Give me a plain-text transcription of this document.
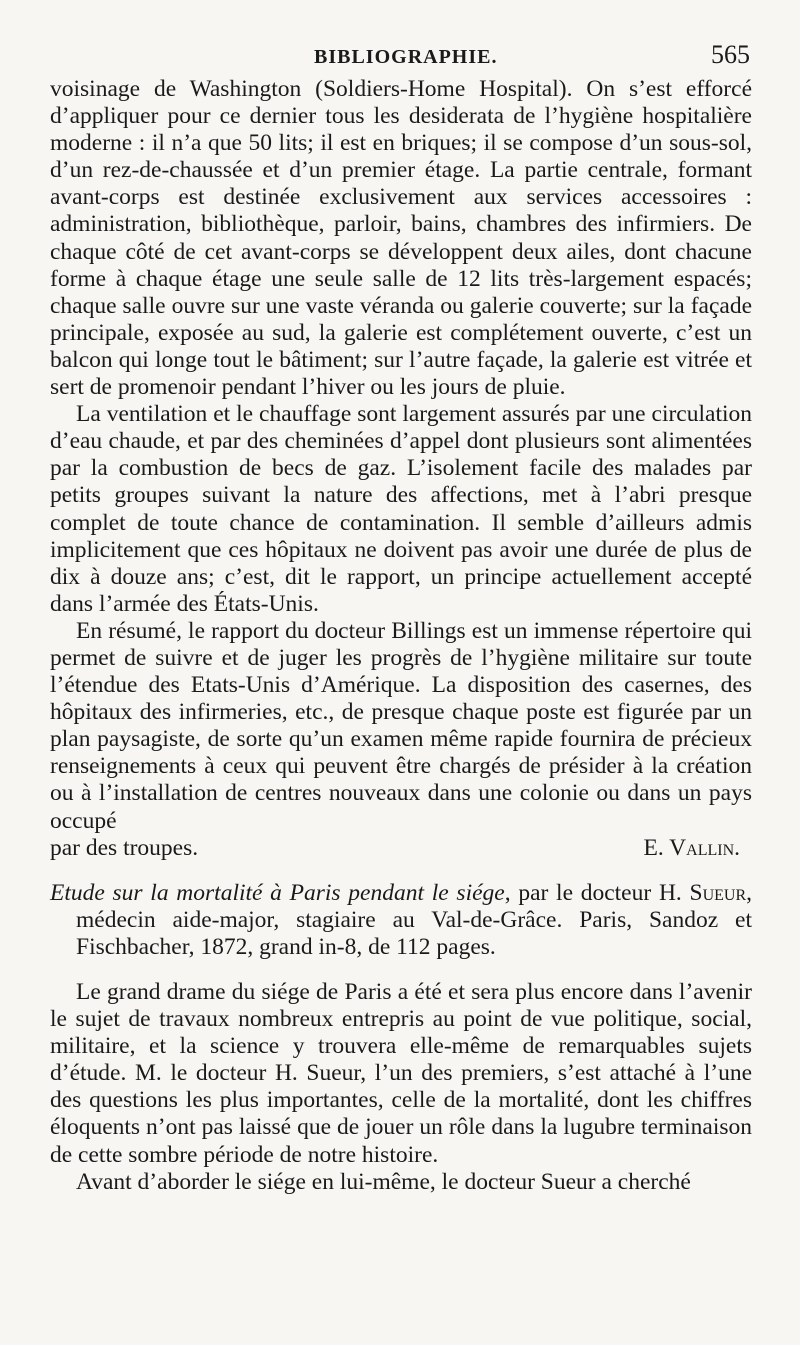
BIBLIOGRAPHIE.	565

voisinage de Washington (Soldiers-Home Hospital). On s’est efforcé d’appliquer pour ce dernier tous les desiderata de l’hygiène hospitalière moderne : il n’a que 50 lits; il est en briques; il se compose d’un sous-sol, d’un rez-de-chaussée et d’un premier étage. La partie centrale, formant avant-corps est destinée exclusivement aux services accessoires : administration, bibliothèque, parloir, bains, chambres des infirmiers. De chaque côté de cet avant-corps se développent deux ailes, dont chacune forme à chaque étage une seule salle de 12 lits très-largement espacés; chaque salle ouvre sur une vaste véranda ou galerie couverte; sur la façade principale, exposée au sud, la galerie est complétement ouverte, c’est un balcon qui longe tout le bâtiment; sur l’autre façade, la galerie est vitrée et sert de promenoir pendant l’hiver ou les jours de pluie.

La ventilation et le chauffage sont largement assurés par une circulation d’eau chaude, et par des cheminées d’appel dont plusieurs sont alimentées par la combustion de becs de gaz. L’isolement facile des malades par petits groupes suivant la nature des affections, met à l’abri presque complet de toute chance de contamination. Il semble d’ailleurs admis implicitement que ces hôpitaux ne doivent pas avoir une durée de plus de dix à douze ans; c’est, dit le rapport, un principe actuellement accepté dans l’armée des États-Unis.

En résumé, le rapport du docteur Billings est un immense répertoire qui permet de suivre et de juger les progrès de l’hygiène militaire sur toute l’étendue des Etats-Unis d’Amérique. La disposition des casernes, des hôpitaux des infirmeries, etc., de presque chaque poste est figurée par un plan paysagiste, de sorte qu’un examen même rapide fournira de précieux renseignements à ceux qui peuvent être chargés de présider à la création ou à l’installation de centres nouveaux dans une colonie ou dans un pays occupé

par des troupes.	E. Vallin.

Etude sur la mortalité à Paris pendant le siége, par le docteur H. Sueur, médecin aide-major, stagiaire au Val-de-Grâce. Paris, Sandoz et Fischbacher, 1872, grand in-8, de 112 pages.

Le grand drame du siége de Paris a été et sera plus encore dans l’avenir le sujet de travaux nombreux entrepris au point de vue politique, social, militaire, et la science y trouvera elle-même de remarquables sujets d’étude. M. le docteur H. Sueur, l’un des premiers, s’est attaché à l’une des questions les plus importantes, celle de la mortalité, dont les chiffres éloquents n’ont pas laissé que de jouer un rôle dans la lugubre terminaison de cette sombre période de notre histoire.

Avant d’aborder le siége en lui-même, le docteur Sueur a cherché
